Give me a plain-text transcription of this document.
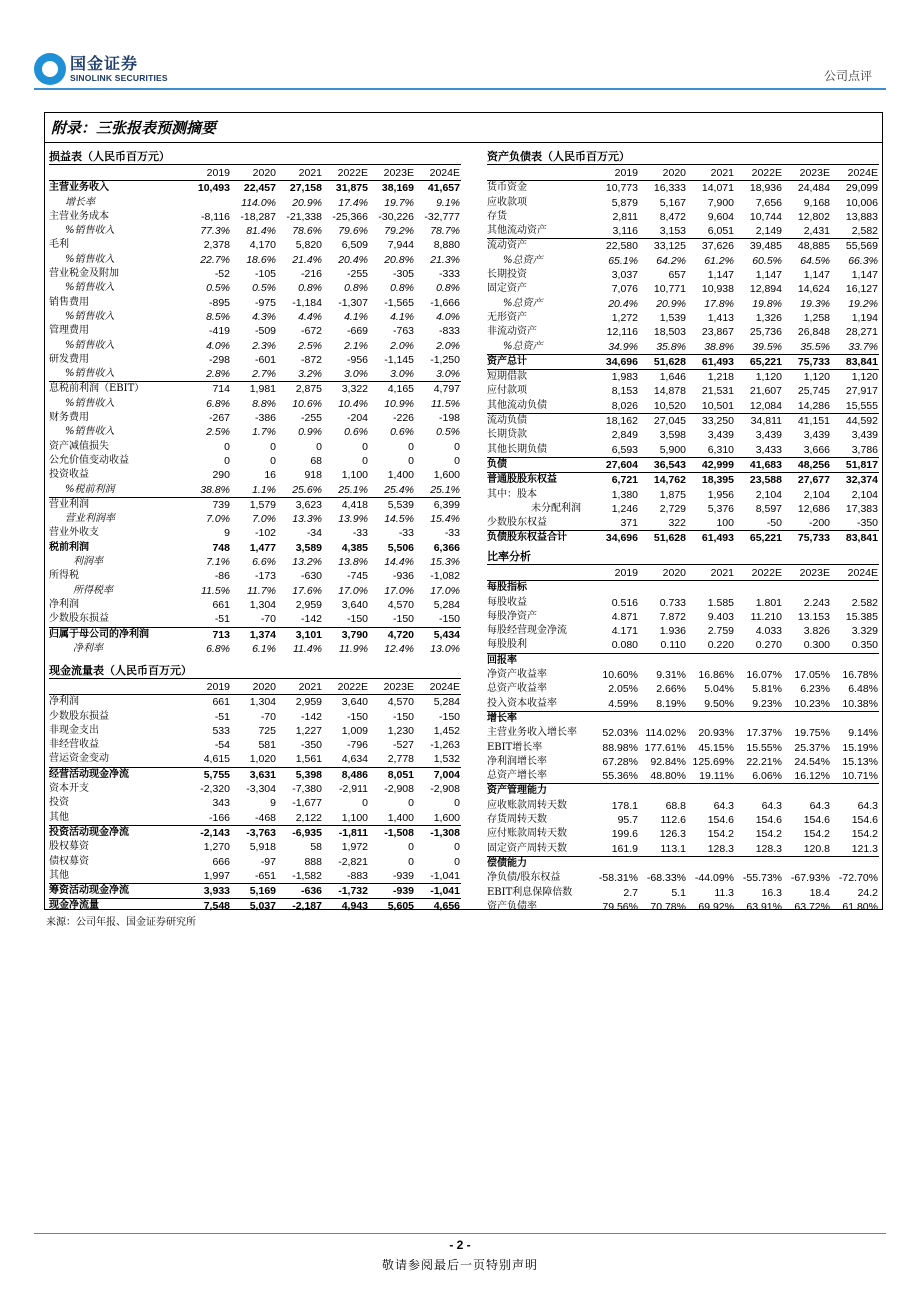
国金证券
SINOLINK SECURITIES	公司点评
附录：三张报表预测摘要
损益表（人民币百万元）
	2019	2020	2021	2022E	2023E	2024E
主营业务收入	10,493	22,457	27,158	31,875	38,169	41,657
增长率		114.0%	20.9%	17.4%	19.7%	9.1%
主营业务成本	-8,116	-18,287	-21,338	-25,366	-30,226	-32,777
%销售收入	77.3%	81.4%	78.6%	79.6%	79.2%	78.7%
毛利	2,378	4,170	5,820	6,509	7,944	8,880
%销售收入	22.7%	18.6%	21.4%	20.4%	20.8%	21.3%
营业税金及附加	-52	-105	-216	-255	-305	-333
%销售收入	0.5%	0.5%	0.8%	0.8%	0.8%	0.8%
销售费用	-895	-975	-1,184	-1,307	-1,565	-1,666
%销售收入	8.5%	4.3%	4.4%	4.1%	4.1%	4.0%
管理费用	-419	-509	-672	-669	-763	-833
%销售收入	4.0%	2.3%	2.5%	2.1%	2.0%	2.0%
研发费用	-298	-601	-872	-956	-1,145	-1,250
%销售收入	2.8%	2.7%	3.2%	3.0%	3.0%	3.0%
息税前利润（EBIT）	714	1,981	2,875	3,322	4,165	4,797
%销售收入	6.8%	8.8%	10.6%	10.4%	10.9%	11.5%
财务费用	-267	-386	-255	-204	-226	-198
%销售收入	2.5%	1.7%	0.9%	0.6%	0.6%	0.5%
资产减值损失	0	0	0	0	0	0
公允价值变动收益	0	0	68	0	0	0
投资收益	290	16	918	1,100	1,400	1,600
%税前利润	38.8%	1.1%	25.6%	25.1%	25.4%	25.1%
营业利润	739	1,579	3,623	4,418	5,539	6,399
营业利润率	7.0%	7.0%	13.3%	13.9%	14.5%	15.4%
营业外收支	9	-102	-34	-33	-33	-33
税前利润	748	1,477	3,589	4,385	5,506	6,366
利润率	7.1%	6.6%	13.2%	13.8%	14.4%	15.3%
所得税	-86	-173	-630	-745	-936	-1,082
所得税率	11.5%	11.7%	17.6%	17.0%	17.0%	17.0%
净利润	661	1,304	2,959	3,640	4,570	5,284
少数股东损益	-51	-70	-142	-150	-150	-150
归属于母公司的净利润	713	1,374	3,101	3,790	4,720	5,434
净利率	6.8%	6.1%	11.4%	11.9%	12.4%	13.0%
现金流量表（人民币百万元）
	2019	2020	2021	2022E	2023E	2024E
净利润	661	1,304	2,959	3,640	4,570	5,284
少数股东损益	-51	-70	-142	-150	-150	-150
非现金支出	533	725	1,227	1,009	1,230	1,452
非经营收益	-54	581	-350	-796	-527	-1,263
营运资金变动	4,615	1,020	1,561	4,634	2,778	1,532
经营活动现金净流	5,755	3,631	5,398	8,486	8,051	7,004
资本开支	-2,320	-3,304	-7,380	-2,911	-2,908	-2,908
投资	343	9	-1,677	0	0	0
其他	-166	-468	2,122	1,100	1,400	1,600
投资活动现金净流	-2,143	-3,763	-6,935	-1,811	-1,508	-1,308
股权募资	1,270	5,918	58	1,972	0	0
债权募资	666	-97	888	-2,821	0	0
其他	1,997	-651	-1,582	-883	-939	-1,041
筹资活动现金净流	3,933	5,169	-636	-1,732	-939	-1,041
现金净流量	7,548	5,037	-2,187	4,943	5,605	4,656
资产负债表（人民币百万元）
	2019	2020	2021	2022E	2023E	2024E
货币资金	10,773	16,333	14,071	18,936	24,484	29,099
应收款项	5,879	5,167	7,900	7,656	9,168	10,006
存货	2,811	8,472	9,604	10,744	12,802	13,883
其他流动资产	3,116	3,153	6,051	2,149	2,431	2,582
流动资产	22,580	33,125	37,626	39,485	48,885	55,569
%总资产	65.1%	64.2%	61.2%	60.5%	64.5%	66.3%
长期投资	3,037	657	1,147	1,147	1,147	1,147
固定资产	7,076	10,771	10,938	12,894	14,624	16,127
%总资产	20.4%	20.9%	17.8%	19.8%	19.3%	19.2%
无形资产	1,272	1,539	1,413	1,326	1,258	1,194
非流动资产	12,116	18,503	23,867	25,736	26,848	28,271
%总资产	34.9%	35.8%	38.8%	39.5%	35.5%	33.7%
资产总计	34,696	51,628	61,493	65,221	75,733	83,841
短期借款	1,983	1,646	1,218	1,120	1,120	1,120
应付款项	8,153	14,878	21,531	21,607	25,745	27,917
其他流动负债	8,026	10,520	10,501	12,084	14,286	15,555
流动负债	18,162	27,045	33,250	34,811	41,151	44,592
长期贷款	2,849	3,598	3,439	3,439	3,439	3,439
其他长期负债	6,593	5,900	6,310	3,433	3,666	3,786
负债	27,604	36,543	42,999	41,683	48,256	51,817
普通股股东权益	6,721	14,762	18,395	23,588	27,677	32,374
其中：股本	1,380	1,875	1,956	2,104	2,104	2,104
未分配利润	1,246	2,729	5,376	8,597	12,686	17,383
少数股东权益	371	322	100	-50	-200	-350
负债股东权益合计	34,696	51,628	61,493	65,221	75,733	83,841
比率分析
	2019	2020	2021	2022E	2023E	2024E
每股指标						
每股收益	0.516	0.733	1.585	1.801	2.243	2.582
每股净资产	4.871	7.872	9.403	11.210	13.153	15.385
每股经营现金净流	4.171	1.936	2.759	4.033	3.826	3.329
每股股利	0.080	0.110	0.220	0.270	0.300	0.350
回报率						
净资产收益率	10.60%	9.31%	16.86%	16.07%	17.05%	16.78%
总资产收益率	2.05%	2.66%	5.04%	5.81%	6.23%	6.48%
投入资本收益率	4.59%	8.19%	9.50%	9.23%	10.23%	10.38%
增长率						
主营业务收入增长率	52.03%	114.02%	20.93%	17.37%	19.75%	9.14%
EBIT增长率	88.98%	177.61%	45.15%	15.55%	25.37%	15.19%
净利润增长率	67.28%	92.84%	125.69%	22.21%	24.54%	15.13%
总资产增长率	55.36%	48.80%	19.11%	6.06%	16.12%	10.71%
资产管理能力						
应收账款周转天数	178.1	68.8	64.3	64.3	64.3	64.3
存货周转天数	95.7	112.6	154.6	154.6	154.6	154.6
应付账款周转天数	199.6	126.3	154.2	154.2	154.2	154.2
固定资产周转天数	161.9	113.1	128.3	128.3	120.8	121.3
偿债能力						
净负债/股东权益	-58.31%	-68.33%	-44.09%	-55.73%	-67.93%	-72.70%
EBIT利息保障倍数	2.7	5.1	11.3	16.3	18.4	24.2
资产负债率	79.56%	70.78%	69.92%	63.91%	63.72%	61.80%
来源：公司年报、国金证券研究所
- 2 -
敬请参阅最后一页特别声明
